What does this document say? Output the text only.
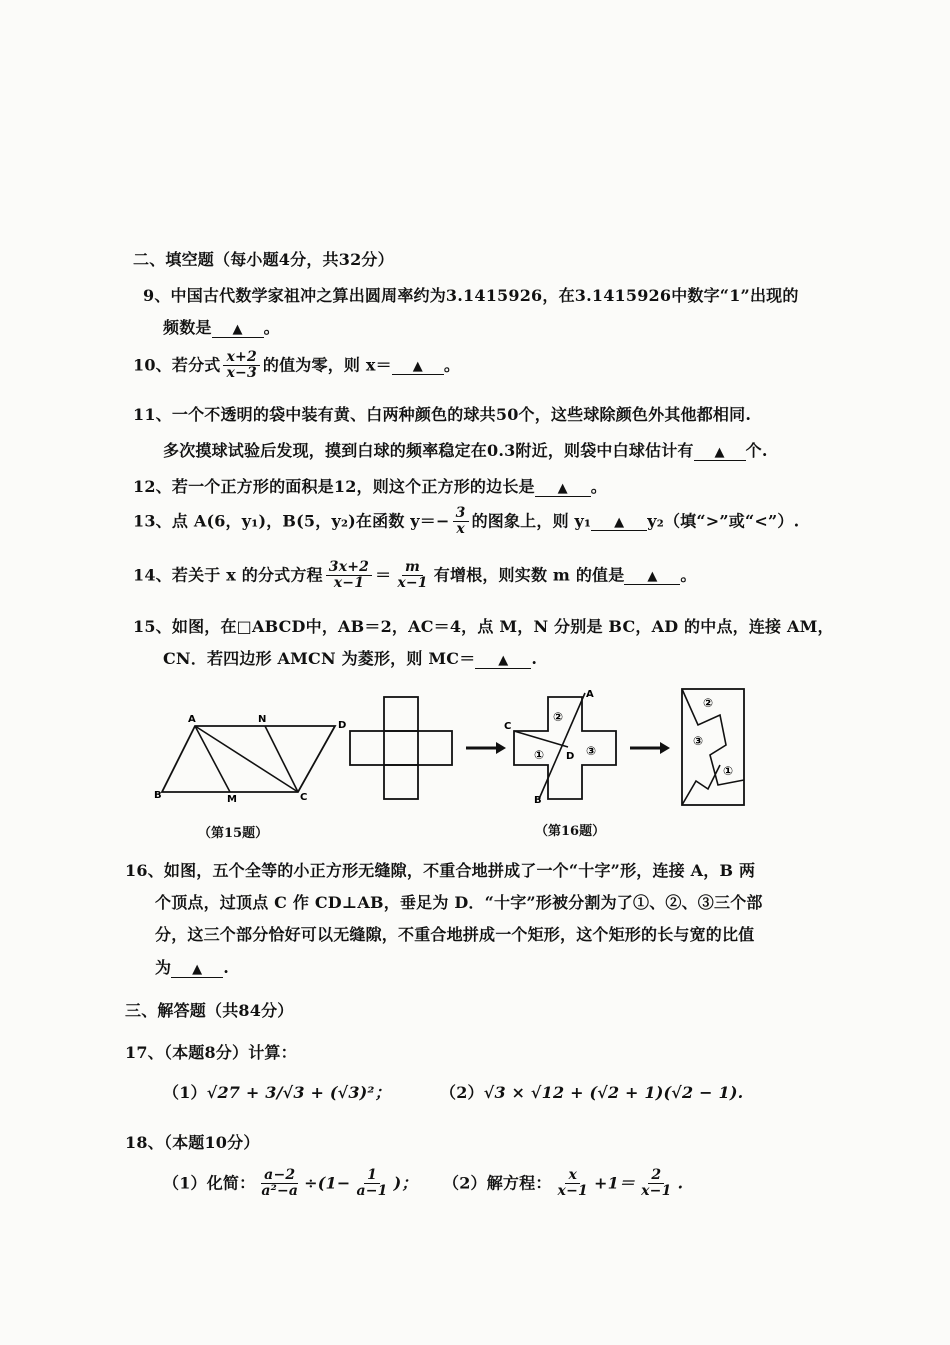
二、填空题（每小题4分，共32分）
9、中国古代数学家祖冲之算出圆周率约为3.1415926，在3.1415926中数字“1”出现的
频数是 ▲ 。
10、若分式 $\frac{x+2}{x-3}$ 的值为零，则 x＝ ▲ 。
11、一个不透明的袋中装有黄、白两种颜色的球共50个，这些球除颜色外其他都相同.
多次摸球试验后发现，摸到白球的频率稳定在0.3附近，则袋中白球估计有 ▲ 个.
12、若一个正方形的面积是12，则这个正方形的边长是 ▲ 。
13、点 A(6，y₁)，B(5，y₂)在函数 $y=- \frac{3}{x}$ 的图象上，则 y₁ ▲ y₂（填“>”或“<”）.
14、若关于 x 的分式方程 $\frac{3x+2}{x-1} = \frac{m}{x-1}$ 有增根，则实数 m 的值是 ▲ 。
15、如图，在□ABCD中，AB＝2，AC＝4，点 M，N 分别是 BC，AD 的中点，连接 AM，
CN．若四边形 AMCN 为菱形，则 MC＝ ▲ .
A	N
D
B	M	C
（第15题）
A
C
D
B
②
①	③
②
③
①
（第16题）
16、如图，五个全等的小正方形无缝隙，不重合地拼成了一个“十字”形，连接 A，B 两
个顶点，过顶点 C 作 CD⊥AB，垂足为 D．“十字”形被分割为了①、②、③三个部
分，这三个部分恰好可以无缝隙，不重合地拼成一个矩形，这个矩形的长与宽的比值
为 ▲ .
三、解答题（共84分）
17、（本题8分）计算：
（1）√27 + 3/√3 + (√3)²；	（2）√3 × √12 + (√2 + 1)(√2 − 1).
18、（本题10分）
（1）化简： $\frac{a-2}{\text{a²−a}} \div(1- \frac{1}{a-1}$ )； （2）解方程： $\frac{x}{x-1} +1= \frac{2}{x-1}$ .
